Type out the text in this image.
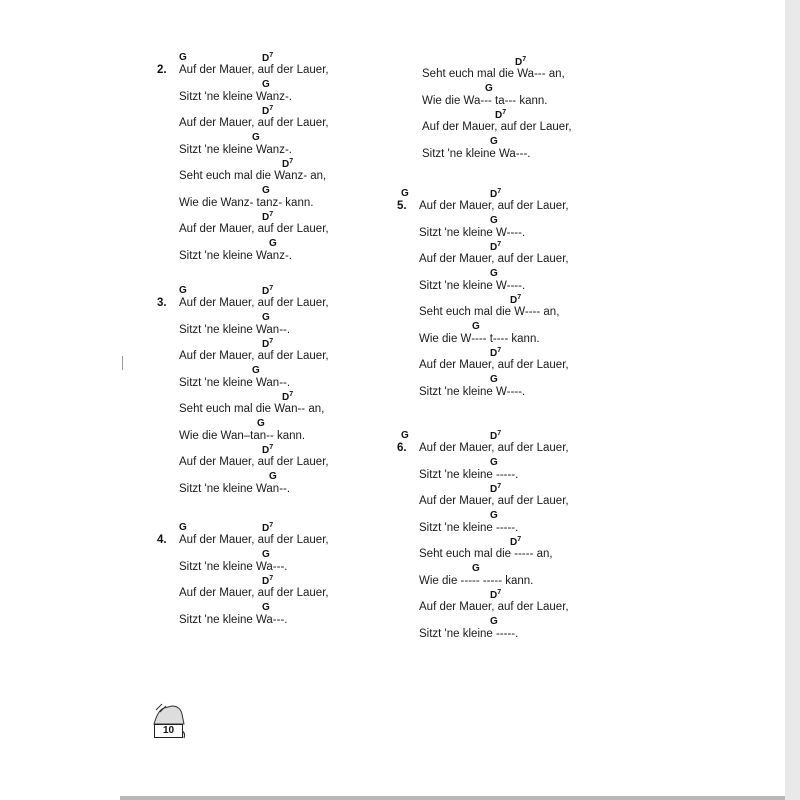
2.
G	$D^7$
Auf der Mauer, auf der Lauer,
G
Sitzt 'ne kleine Wanz-.
$D^7$
Auf der Mauer, auf der Lauer,
G
Sitzt 'ne kleine Wanz-.
$D^7$
Seht euch mal die Wanz- an,
G
Wie die Wanz- tanz- kann.
$D^7$
Auf der Mauer, auf der Lauer,
G
Sitzt 'ne kleine Wanz-.
3.
G	$D^7$
Auf der Mauer, auf der Lauer,
G
Sitzt 'ne kleine Wan--.
$D^7$
Auf der Mauer, auf der Lauer,
G
Sitzt 'ne kleine Wan--.
$D^7$
Seht euch mal die Wan-- an,
G
Wie die Wan–tan-- kann.
$D^7$
Auf der Mauer, auf der Lauer,
G
Sitzt 'ne kleine Wan--.
4.
G	$D^7$
Auf der Mauer, auf der Lauer,
G
Sitzt 'ne kleine Wa---.
$D^7$
Auf der Mauer, auf der Lauer,
G
Sitzt 'ne kleine Wa---.
$D^7$
Seht euch mal die Wa--- an,
G
Wie die Wa--- ta--- kann.
$D^7$
Auf der Mauer, auf der Lauer,
G
Sitzt 'ne kleine Wa---.
5.
G	$D^7$
Auf der Mauer, auf der Lauer,
G
Sitzt 'ne kleine W----.
$D^7$
Auf der Mauer, auf der Lauer,
G
Sitzt 'ne kleine W----.
$D^7$
Seht euch mal die W---- an,
G
Wie die W---- t---- kann.
$D^7$
Auf der Mauer, auf der Lauer,
G
Sitzt 'ne kleine W----.
6.
G	$D^7$
Auf der Mauer, auf der Lauer,
G
Sitzt 'ne kleine -----.
$D^7$
Auf der Mauer, auf der Lauer,
G
Sitzt 'ne kleine -----.
$D^7$
Seht euch mal die ----- an,
G
Wie die ----- ----- kann.
$D^7$
Auf der Mauer, auf der Lauer,
G
Sitzt 'ne kleine -----.
10
